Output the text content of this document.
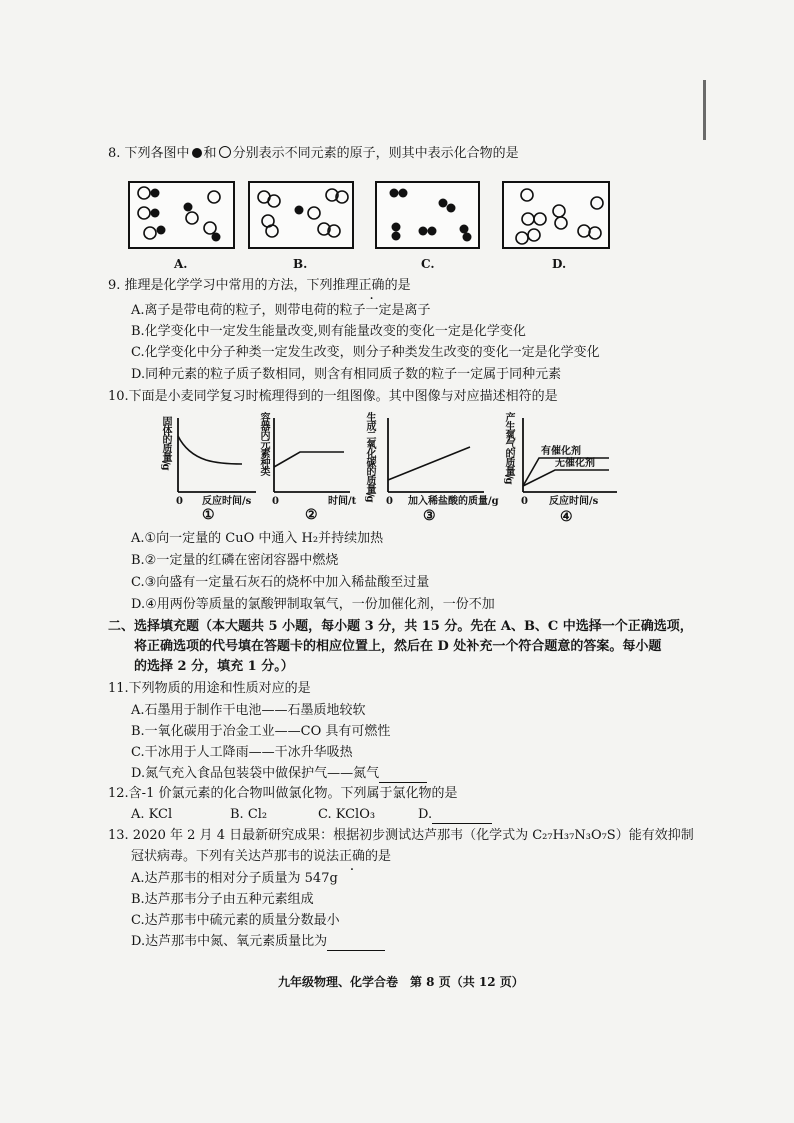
8. 下列各图中 和 分别表示不同元素的原子，则其中表示化合物的是
A.	B.	C.	D.
9. 推理是化学学习中常用的方法，下列推理正确的是
A.离子是带电荷的粒子，则带电荷的粒子一定是离子
B.化学变化中一定发生能量改变,则有能量改变的变化一定是化学变化
C.化学变化中分子种类一定发生改变，则分子种类发生改变的变化一定是化学变化
D.同种元素的粒子质子数相同，则含有相同质子数的粒子一定属于同种元素
10.下面是小麦同学复习时梳理得到的一组图像。其中图像与对应描述相符的是
固体的质量/g
0 反应时间/s
①
容器内元素种类
0	时间/t
②
生成二氧化碳的质量/g 0 加入稀盐酸的质量/g
③
产生氧气的质量/g	有催化剂
无催化剂
0 反应时间/s
④
A.①向一定量的 CuO 中通入 H₂并持续加热
B.②一定量的红磷在密闭容器中燃烧
C.③向盛有一定量石灰石的烧杯中加入稀盐酸至过量
D.④用两份等质量的氯酸钾制取氧气，一份加催化剂，一份不加
二、选择填充题（本大题共 5 小题，每小题 3 分，共 15 分。先在 A、B、C 中选择一个正确选项，
将正确选项的代号填在答题卡的相应位置上，然后在 D 处补充一个符合题意的答案。每小题
的选择 2 分，填充 1 分。）
11.下列物质的用途和性质对应的是
A.石墨用于制作干电池——石墨质地较软
B.一氧化碳用于冶金工业——CO 具有可燃性
C.干冰用于人工降雨——干冰升华吸热
D.氮气充入食品包装袋中做保护气——氮气
12.含-1 价氯元素的化合物叫做氯化物。下列属于氯化物的是
A. KCl	B. Cl₂	C. KClO₃	D.
13. 2020 年 2 月 4 日最新研究成果：根据初步测试达芦那韦（化学式为 C₂₇H₃₇N₃O₇S）能有效抑制
冠状病毒。下列有关达芦那韦的说法正确的是
A.达芦那韦的相对分子质量为 547g
B.达芦那韦分子由五种元素组成
C.达芦那韦中硫元素的质量分数最小
D.达芦那韦中氮、氧元素质量比为
九年级物理、化学合卷　第 8 页（共 12 页）
